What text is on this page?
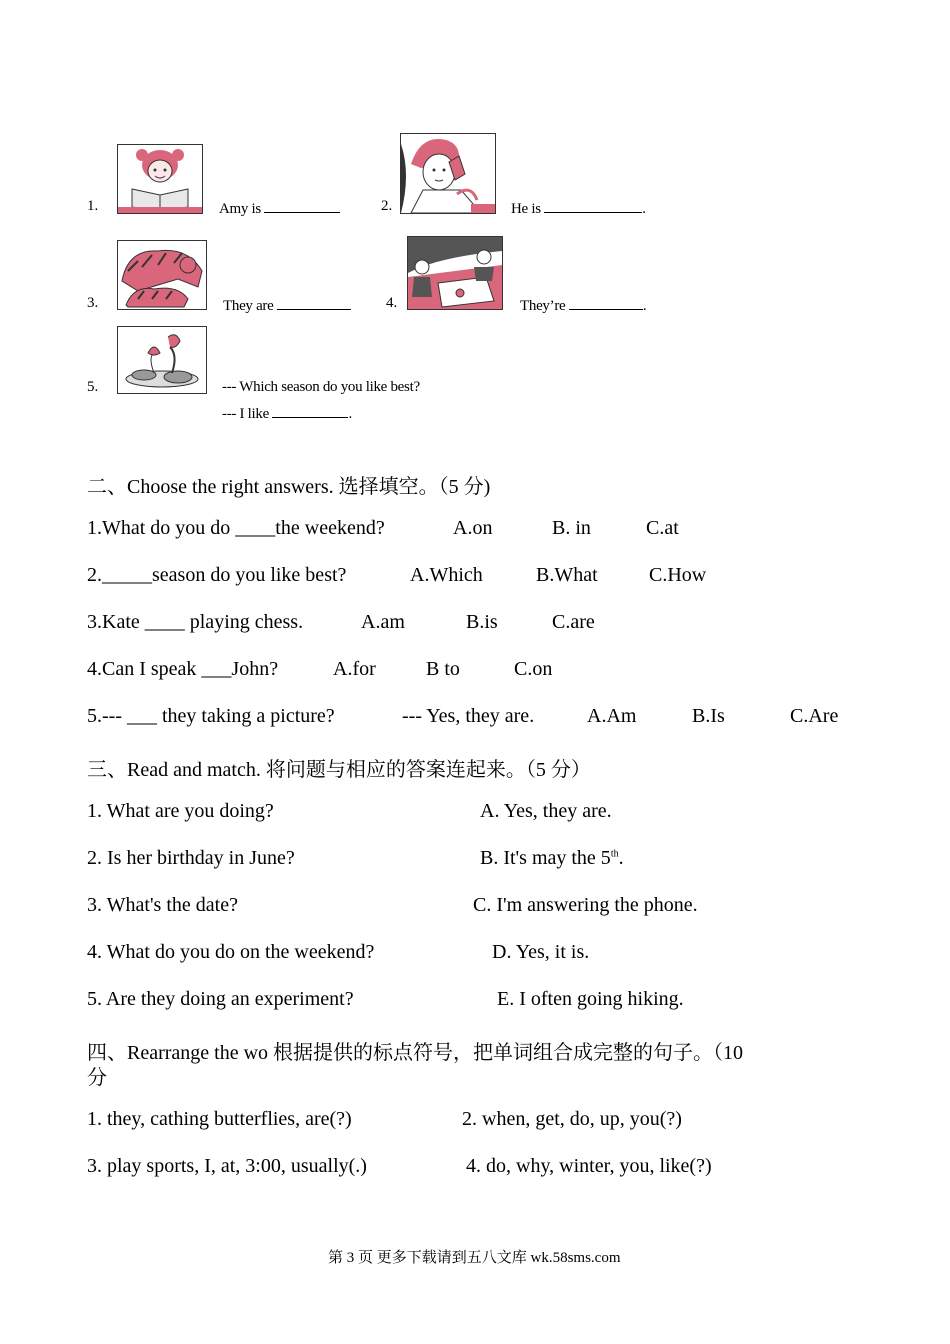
1.	Amy is	2.	He is	.
3.	They are	4.	They’re	.
5.	--- Which season do you like best?
--- I like	.
二、Choose the right answers. 选择填空。（5 分)
1.What do you do ____the weekend?	A.on	B. in	C.at
2._____season do you like best?	A.Which	B.What	C.How
3.Kate ____ playing chess.	A.am	B.is	C.are
4.Can I speak ___John?	A.for	B to	C.on
5.--- ___ they taking a picture?	--- Yes, they are.	A.Am	B.Is	C.Are
三、Read and match. 将问题与相应的答案连起来。（5 分）
1. What are you doing?	A. Yes, they are.
2. Is her birthday in June?	B. It's may the 5th.
3. What's the date?	C. I'm answering the phone.
4. What do you do on the weekend?	D. Yes, it is.
5. Are they doing an experiment?	E. I often going hiking.
四、Rearrange the wo 根据提供的标点符号，把单词组合成完整的句子。（10
分
1. they, cathing butterflies, are(?)	2. when, get, do, up, you(?)
3. play sports, I, at, 3:00, usually(.)	4. do, why, winter, you, like(?)
第 3 页 更多下载请到五八文库 wk.58sms.com
